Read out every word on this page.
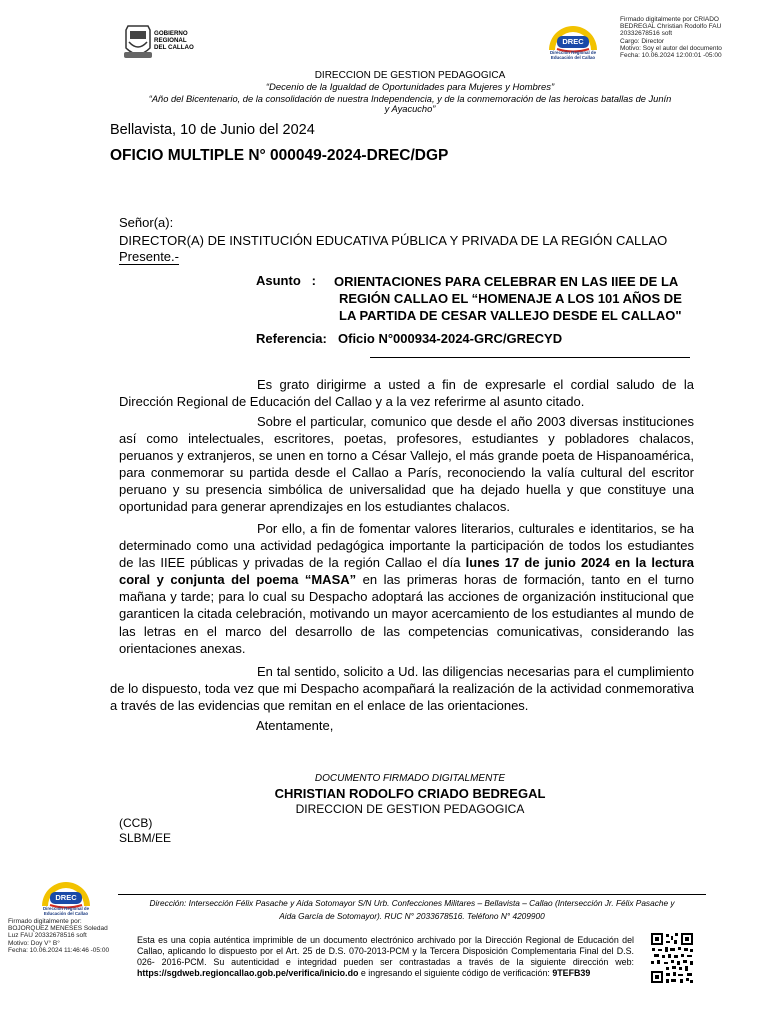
GOBIERNO
REGIONAL
DEL CALLAO
DREC
Dirección Regional de
Educación del Callao
Firmado digitalmente por CRIADO
BEDREGAL Christian Rodolfo FAU
20332678516 soft
Cargo: Director
Motivo: Soy el autor del documento
Fecha: 10.06.2024 12:00:01 -05:00
DIRECCION DE GESTION PEDAGOGICA
“Decenio de la Igualdad de Oportunidades para Mujeres y Hombres”
“Año del Bicentenario, de la consolidación de nuestra Independencia, y de la conmemoración de las heroicas batallas de Junín
y Ayacucho”
Bellavista, 10 de Junio del 2024
OFICIO MULTIPLE N° 000049-2024-DREC/DGP
Señor(a):
DIRECTOR(A) DE INSTITUCIÓN EDUCATIVA PÚBLICA Y PRIVADA DE LA REGIÓN CALLAO
Presente.-
Asunto   : ORIENTACIONES PARA CELEBRAR EN LAS IIEE DE LA
REGIÓN CALLAO EL “HOMENAJE A LOS 101 AÑOS DE
LA PARTIDA DE CESAR VALLEJO DESDE EL CALLAO"
Referencia: Oficio N°000934-2024-GRC/GRECYD
Es grato dirigirme a usted a fin de expresarle el cordial saludo de la Dirección Regional de Educación del Callao y a la vez referirme al asunto citado.
Sobre el particular, comunico que desde el año 2003 diversas instituciones así como intelectuales, escritores, poetas, profesores, estudiantes y pobladores chalacos, peruanos y extranjeros, se unen en torno a César Vallejo, el más grande poeta de Hispanoamérica, para conmemorar su partida desde el Callao a París, reconociendo la valía cultural del escritor peruano y su presencia simbólica de universalidad que ha dejado huella y que constituye una oportunidad para generar aprendizajes en los estudiantes chalacos.
Por ello, a fin de fomentar valores literarios, culturales e identitarios, se ha determinado como una actividad pedagógica importante la participación de todos los estudiantes de las IIEE públicas y privadas de la región Callao el día lunes 17 de junio 2024 en la lectura coral y conjunta del poema “MASA” en las primeras horas de formación, tanto en el turno mañana y tarde; para lo cual su Despacho adoptará las acciones de organización institucional que garanticen la citada celebración, motivando un mayor acercamiento de los estudiantes al mundo de las letras en el marco del desarrollo de las competencias comunicativas, considerando las orientaciones anexas.
En tal sentido, solicito a Ud. las diligencias necesarias para el cumplimiento de lo dispuesto, toda vez que mi Despacho acompañará la realización de la actividad conmemorativa a través de las evidencias que remitan en el enlace de las orientaciones.
Atentamente,
DOCUMENTO FIRMADO DIGITALMENTE
CHRISTIAN RODOLFO CRIADO BEDREGAL
DIRECCION DE GESTION PEDAGOGICA
(CCB)
SLBM/EE
DREC
Dirección Regional de
Educación del Callao
Dirección: Intersección Félix Pasache y Aida Sotomayor S/N Urb. Confecciones Militares – Bellavista – Callao (Intersección Jr. Félix Pasache y
Aida García de Sotomayor). RUC N° 2033678516. Teléfono N° 4209900
Firmado digitalmente por:
BOJORQUEZ MENESES Soledad
Luz FAU 20332678516 soft
Motivo: Doy V° B°
Fecha: 10.06.2024 11:46:46 -05:00
Esta es una copia auténtica imprimible de un documento electrónico archivado por la Dirección Regional de Educación del Callao, aplicando lo dispuesto por el Art. 25 de D.S. 070-2013-PCM y la Tercera Disposición Complementaria Final del D.S. 026- 2016-PCM. Su autenticidad e integridad pueden ser contrastadas a través de la siguiente dirección web: https://sgdweb.regioncallao.gob.pe/verifica/inicio.do e ingresando el siguiente código de verificación: 9TEFB39
